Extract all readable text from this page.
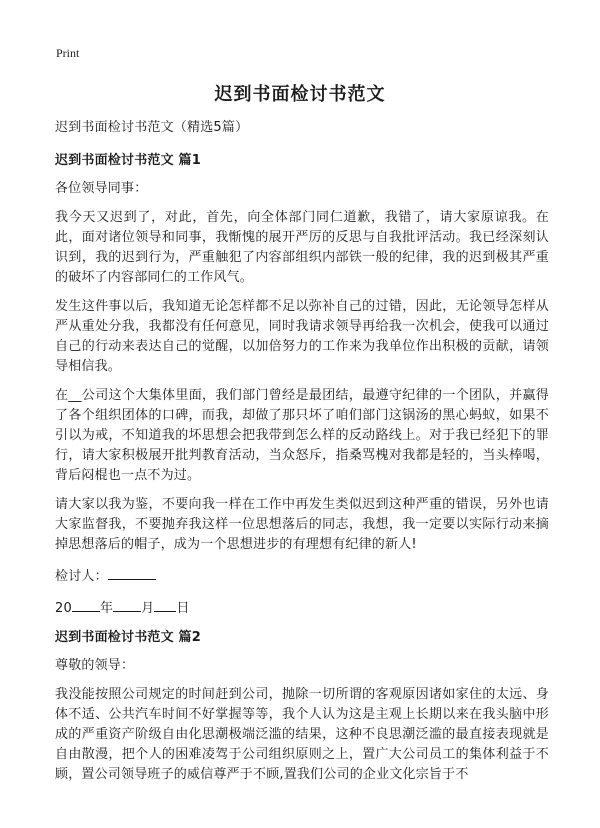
Print
迟到书面检讨书范文

迟到书面检讨书范文（精选5篇）

迟到书面检讨书范文 篇1

各位领导同事：

我今天又迟到了，对此，首先，向全体部门同仁道歉，我错了，请大家原谅我。在此，面对诸位领导和同事，我惭愧的展开严厉的反思与自我批评活动。我已经深刻认识到，我的迟到行为，严重触犯了内容部组织内部铁一般的纪律，我的迟到极其严重的破坏了内容部同仁的工作风气。

发生这件事以后，我知道无论怎样都不足以弥补自己的过错，因此，无论领导怎样从严从重处分我，我都没有任何意见，同时我请求领导再给我一次机会，使我可以通过自己的行动来表达自己的觉醒，以加倍努力的工作来为我单位作出积极的贡献，请领导相信我。

在__公司这个大集体里面，我们部门曾经是最团结，最遵守纪律的一个团队，并赢得了各个组织团体的口碑，而我，却做了那只坏了咱们部门这锅汤的黑心蚂蚁，如果不引以为戒，不知道我的坏思想会把我带到怎么样的反动路线上。对于我已经犯下的罪行，请大家积极展开批判教育活动，当众怒斥，指桑骂槐对我都是轻的，当头棒喝，背后闷棍也一点不为过。

请大家以我为鉴，不要向我一样在工作中再发生类似迟到这种严重的错误，另外也请大家监督我，不要抛弃我这样一位思想落后的同志，我想，我一定要以实际行动来摘掉思想落后的帽子，成为一个思想进步的有理想有纪律的新人!

检讨人：

20 年 月 日

迟到书面检讨书范文 篇2

尊敬的领导：

我没能按照公司规定的时间赶到公司，抛除一切所谓的客观原因诸如家住的太远、身体不适、公共汽车时间不好掌握等等，我个人认为这是主观上长期以来在我头脑中形成的严重资产阶级自由化思潮极端泛滥的结果，这种不良思潮泛滥的最直接表现就是自由散漫，把个人的困难凌驾于公司组织原则之上，置广大公司员工的集体利益于不顾，置公司领导班子的威信尊严于不顾,置我们公司的企业文化宗旨于不
